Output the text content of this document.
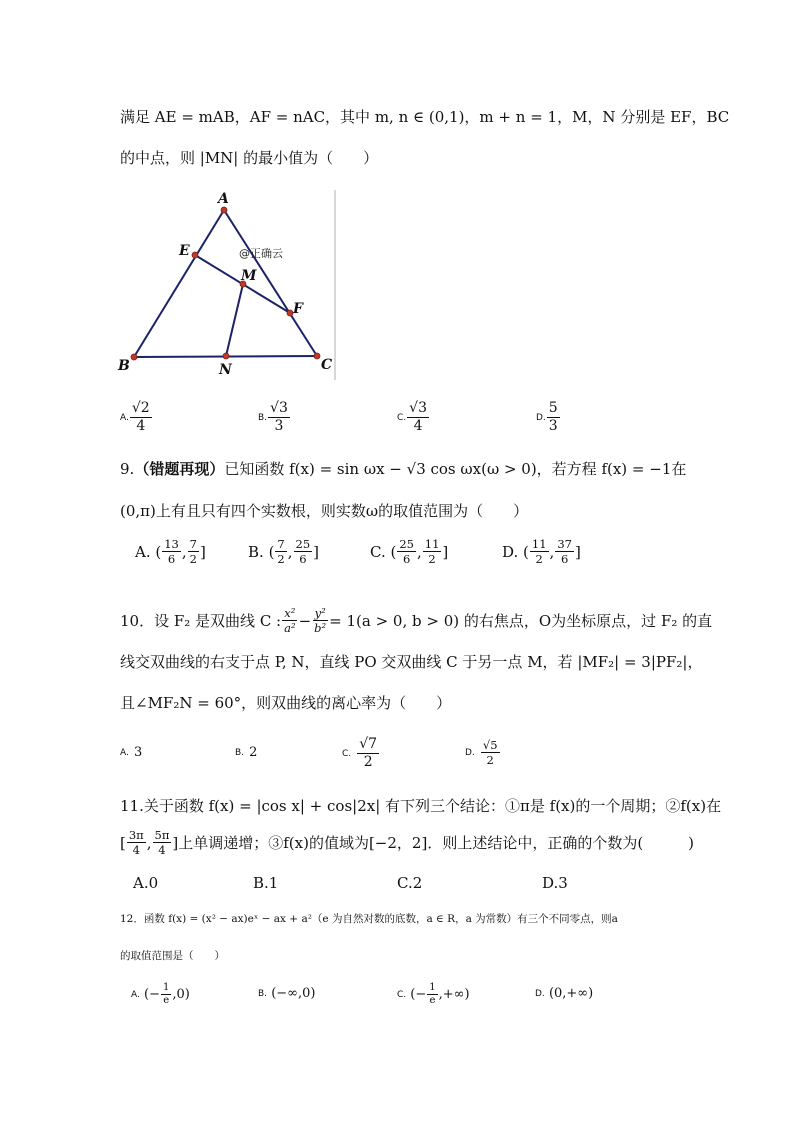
满足 AE = mAB，AF = nAC，其中 m, n ∈ (0,1)，m + n = 1，M，N 分别是 EF，BC
的中点，则 |MN| 的最小值为（　　）
A
B	C
E
F
M
N
@正确云
A. $\frac{√2}{4}$	B. $\frac{√3}{3}$	C. $\frac{√3}{4}$	D. $\frac{5}{3}$
9.（错题再现）已知函数 f(x) = sin ωx − √3 cos ωx(ω > 0)，若方程 f(x) = −1在
(0,π)上有且只有四个实数根，则实数ω的取值范围为（　　）
A. ( $\frac{13}{6}$ , $\frac{7}{2}$ ]	B. ( $\frac{7}{2}$ , $\frac{25}{6}$ ]	C. ( $\frac{25}{6}$ , $\frac{11}{2}$ ]	D. ( $\frac{11}{2}$ , $\frac{37}{6}$ ]
10．设 F₂ 是双曲线 C : $\frac{\text{x²}}{\text{a²}} - \frac{\text{y²}}{\text{b²}} = 1(a > 0$, b > 0) 的右焦点，O为坐标原点，过 F₂ 的直
线交双曲线的右支于点 P, N，直线 PO 交双曲线 C 于另一点 M，若 |MF₂| = 3|PF₂|，
且∠MF₂N = 60°，则双曲线的离心率为（　　）
A.
3	B.
2	C.
$\frac{√7}{2}$	D.
$\frac{√5}{2}$
11.关于函数 f(x) = |cos x| + cos|2x| 有下列三个结论：①π是 f(x)的一个周期；②f(x)在
[ $\frac{3\pi}{4}$ , $\frac{5\pi}{4}$ ]上单调递增；③f(x)的值域为[−2，2]．则上述结论中，正确的个数为(　　　)
A.0	B.1	C.2	D.3
12．函数 f(x) = (x² − ax)eˣ − ax + a²（e 为自然对数的底数，a ∈ R，a 为常数）有三个不同零点，则a
的取值范围是（　　）
A.
(− $\frac{1}{e} ,0$)	B.
(−∞,0)	C.
(− $\frac{1}{e}$ ,+∞)	D.
(0,+∞)
